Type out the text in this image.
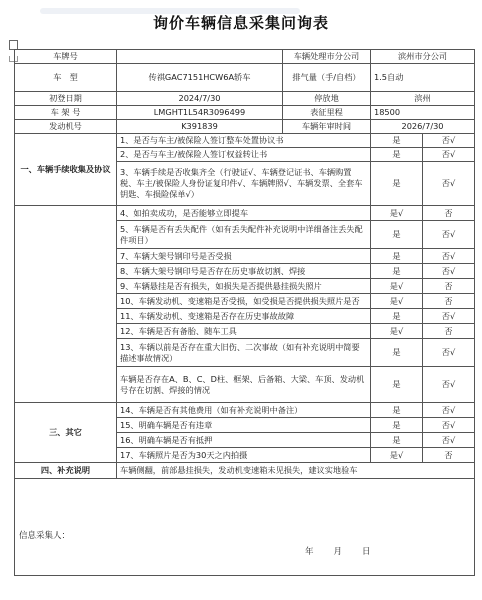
询价车辆信息采集问询表
车牌号		车辆处理市分公司	滨州市分公司	
车　型	传祺GAC7151HCW6A轿车	排气量（手/自档）	1.5自动	
初登日期	2024/7/30	停放地	滨州	
车 架 号	LMGHT1L54R3096499	表征里程	18500	
发动机号	K391839	车辆年审时间	2026/7/30	
一、车辆手续收集及协议	1、是否与车主/被保险人签订整车处置协议书		是	否√
	2、是否与车主/被保险人签订权益转让书		是	否√
	3、车辆手续是否收集齐全（行驶证√、车辆登记证书、车辆购置税、车主/被保险人身份证复印件√、车辆牌照√、车辆发票、全套车钥匙、车损险保单√）		是	否√
	4、如拍卖成功，是否能够立即提车		是√	否
	5、车辆是否有丢失配件（如有丢失配件补充说明中详细备注丢失配件项目）		是	否√
	7、车辆大架号钢印号是否受损		是	否√
	8、车辆大架号钢印号是否存在历史事故切割、焊接		是	否√
	9、车辆悬挂是否有损失，如损失是否提供悬挂损失照片		是√	否
	10、车辆发动机、变速箱是否受损，如受损是否提供损失照片是否		是√	否
	11、车辆发动机、变速箱是否存在历史事故故障		是	否√
	12、车辆是否有备胎、随车工具		是√	否
	13、车辆以前是否存在重大旧伤、二次事故（如有补充说明中简要描述事故情况）		是	否√
	车辆是否存在A、B、C、D柱、框架、后备箱、大梁、车顶、发动机号存在切割、焊接的情况		是	否√
三、其它	14、车辆是否有其他费用（如有补充说明中备注）		是	否√
	15、明确车辆是否有违章		是	否√
	16、明确车辆是否有抵押		是	否√
	17、车辆照片是否为30天之内拍摄		是√	否
四、补充说明	车辆侧翻，前部悬挂损失，发动机变速箱未见损失，建议实地验车			

信息采集人：
年　　月　　日				
